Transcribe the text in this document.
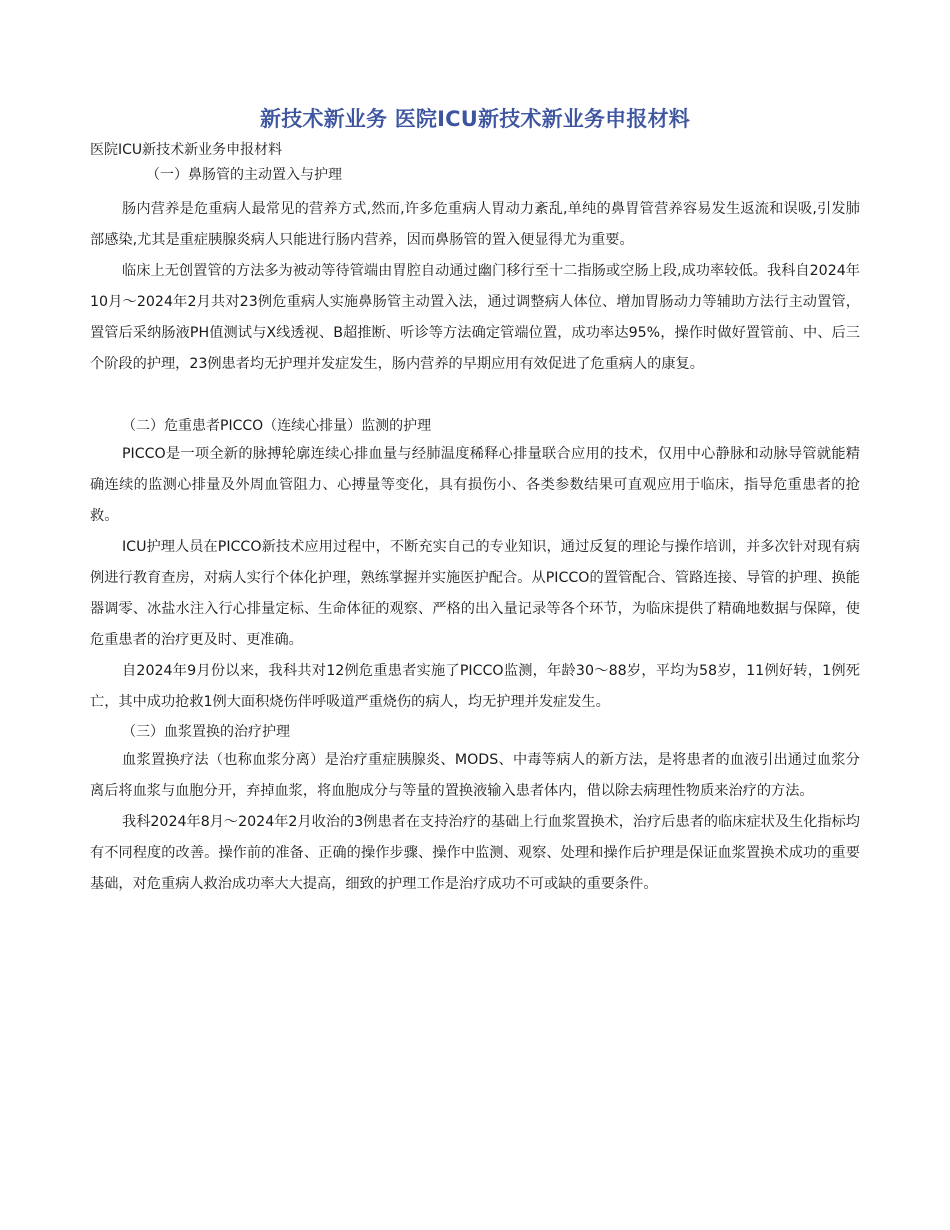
新技术新业务 医院ICU新技术新业务申报材料

医院ICU新技术新业务申报材料

（一）鼻肠管的主动置入与护理

肠内营养是危重病人最常见的营养方式,然而,许多危重病人胃动力紊乱,单纯的鼻胃管营养容易发生返流和误吸,引发肺部感染,尤其是重症胰腺炎病人只能进行肠内营养，因而鼻肠管的置入便显得尤为重要。

临床上无创置管的方法多为被动等待管端由胃腔自动通过幽门移行至十二指肠或空肠上段,成功率较低。我科自2024年10月～2024年2月共对23例危重病人实施鼻肠管主动置入法，通过调整病人体位、增加胃肠动力等辅助方法行主动置管，置管后采纳肠液PH值测试与X线透视、B超推断、听诊等方法确定管端位置，成功率达95%，操作时做好置管前、中、后三个阶段的护理，23例患者均无护理并发症发生，肠内营养的早期应用有效促进了危重病人的康复。

（二）危重患者PICCO（连续心排量）监测的护理

PICCO是一项全新的脉搏轮廓连续心排血量与经肺温度稀释心排量联合应用的技术，仅用中心静脉和动脉导管就能精确连续的监测心排量及外周血管阻力、心搏量等变化，具有损伤小、各类参数结果可直观应用于临床，指导危重患者的抢救。

ICU护理人员在PICCO新技术应用过程中，不断充实自己的专业知识，通过反复的理论与操作培训，并多次针对现有病例进行教育查房，对病人实行个体化护理，熟练掌握并实施医护配合。从PICCO的置管配合、管路连接、导管的护理、换能器调零、冰盐水注入行心排量定标、生命体征的观察、严格的出入量记录等各个环节，为临床提供了精确地数据与保障，使危重患者的治疗更及时、更准确。

自2024年9月份以来，我科共对12例危重患者实施了PICCO监测，年龄30～88岁，平均为58岁，11例好转，1例死亡，其中成功抢救1例大面积烧伤伴呼吸道严重烧伤的病人，均无护理并发症发生。

（三）血浆置换的治疗护理

血浆置换疗法（也称血浆分离）是治疗重症胰腺炎、MODS、中毒等病人的新方法，是将患者的血液引出通过血浆分离后将血浆与血胞分开，弃掉血浆，将血胞成分与等量的置换液输入患者体内，借以除去病理性物质来治疗的方法。

我科2024年8月～2024年2月收治的3例患者在支持治疗的基础上行血浆置换术，治疗后患者的临床症状及生化指标均有不同程度的改善。操作前的准备、正确的操作步骤、操作中监测、观察、处理和操作后护理是保证血浆置换术成功的重要基础，对危重病人救治成功率大大提高，细致的护理工作是治疗成功不可或缺的重要条件。
